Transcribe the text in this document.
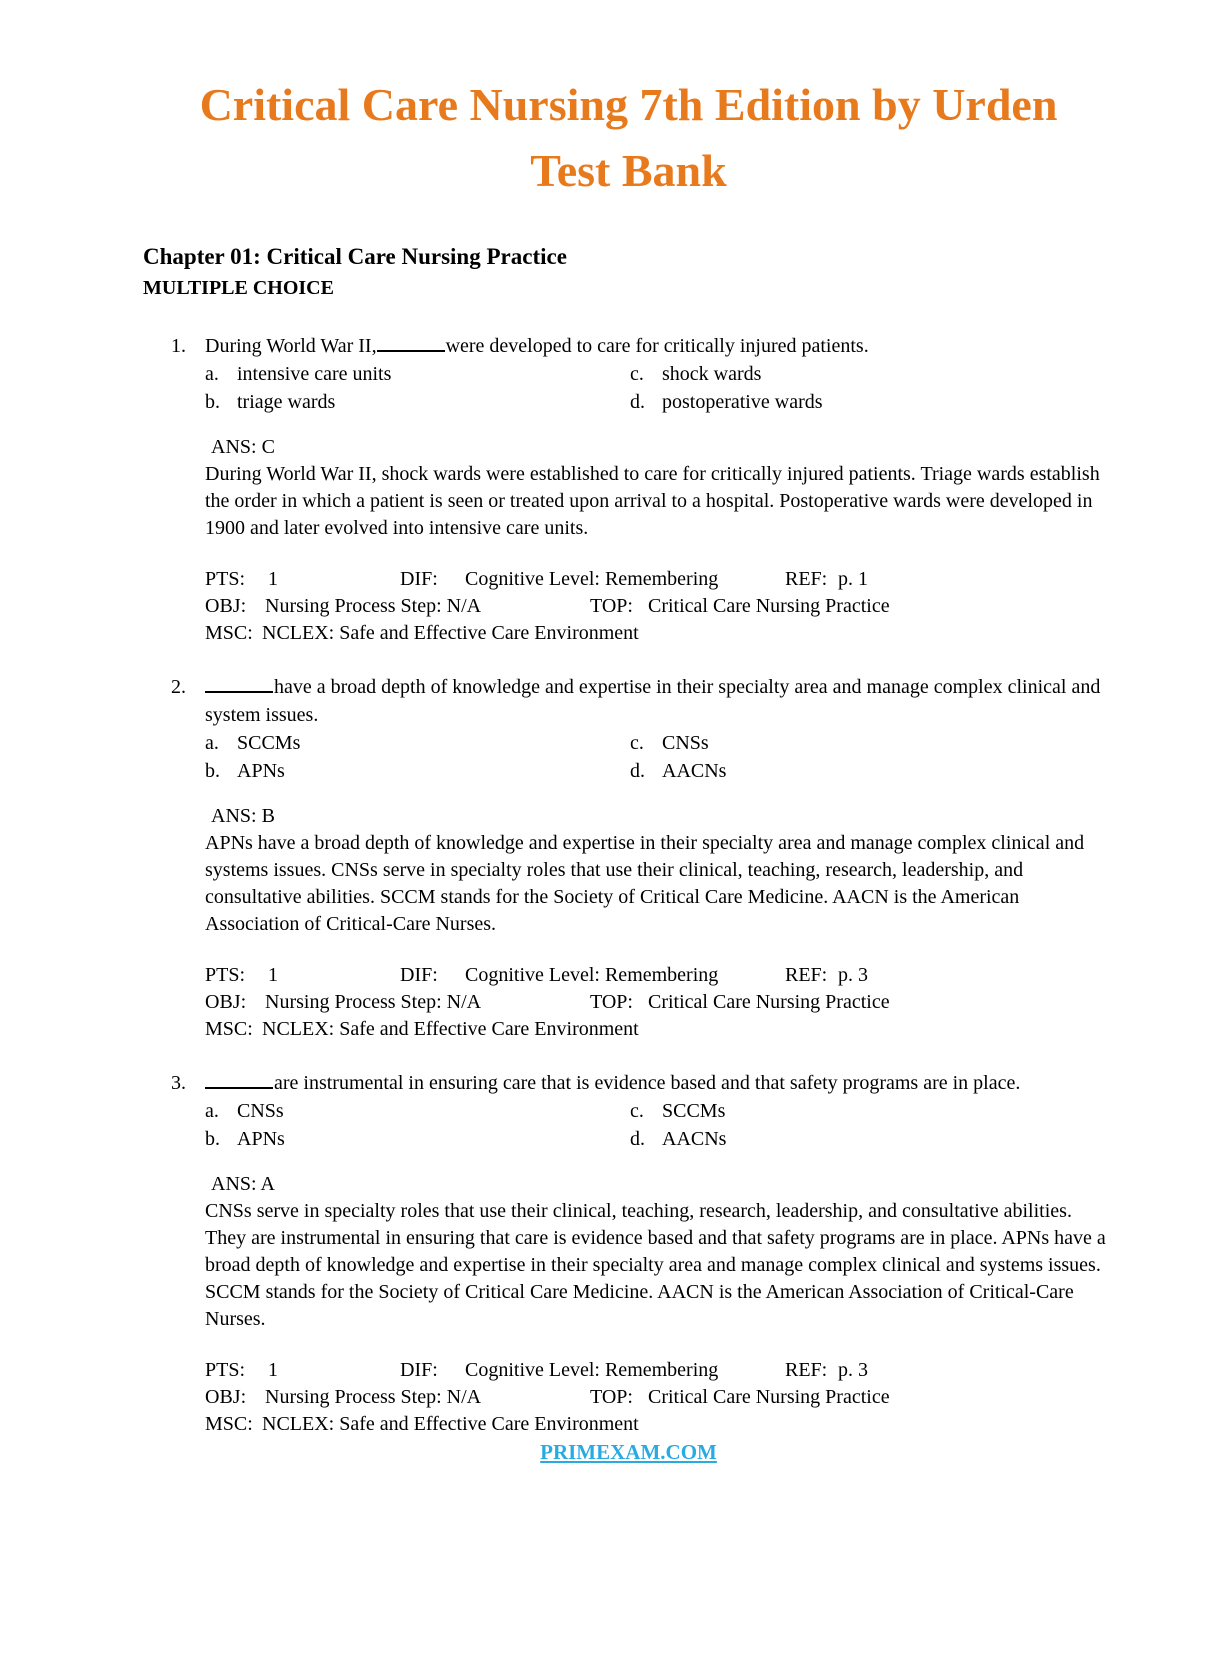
Critical Care Nursing 7th Edition by Urden Test Bank
Chapter 01: Critical Care Nursing Practice
MULTIPLE CHOICE
1. During World War II,	were developed to care for critically injured patients.
a. intensive care units	c. shock wards
b. triage wards	d. postoperative wards
ANS: C
During World War II, shock wards were established to care for critically injured patients. Triage wards establish the order in which a patient is seen or treated upon arrival to a hospital. Postoperative wards were developed in 1900 and later evolved into intensive care units.
PTS: 1	DIF: Cognitive Level: Remembering	REF: p. 1
OBJ: Nursing Process Step: N/A	TOP: Critical Care Nursing Practice
MSC: NCLEX: Safe and Effective Care Environment
2.	have a broad depth of knowledge and expertise in their specialty area and manage complex clinical and system issues.
a. SCCMs	c. CNSs
b. APNs	d. AACNs
ANS: B
APNs have a broad depth of knowledge and expertise in their specialty area and manage complex clinical and systems issues. CNSs serve in specialty roles that use their clinical, teaching, research, leadership, and consultative abilities. SCCM stands for the Society of Critical Care Medicine. AACN is the American Association of Critical-Care Nurses.
PTS: 1	DIF: Cognitive Level: Remembering	REF: p. 3
OBJ: Nursing Process Step: N/A	TOP: Critical Care Nursing Practice
MSC: NCLEX: Safe and Effective Care Environment
3.	are instrumental in ensuring care that is evidence based and that safety programs are in place.
a. CNSs	c. SCCMs
b. APNs	d. AACNs
ANS: A
CNSs serve in specialty roles that use their clinical, teaching, research, leadership, and consultative abilities. They are instrumental in ensuring that care is evidence based and that safety programs are in place. APNs have a broad depth of knowledge and expertise in their specialty area and manage complex clinical and systems issues. SCCM stands for the Society of Critical Care Medicine. AACN is the American Association of Critical-Care Nurses.
PTS: 1	DIF: Cognitive Level: Remembering	REF: p. 3
OBJ: Nursing Process Step: N/A	TOP: Critical Care Nursing Practice
MSC: NCLEX: Safe and Effective Care Environment
PRIMEXAM.COM
